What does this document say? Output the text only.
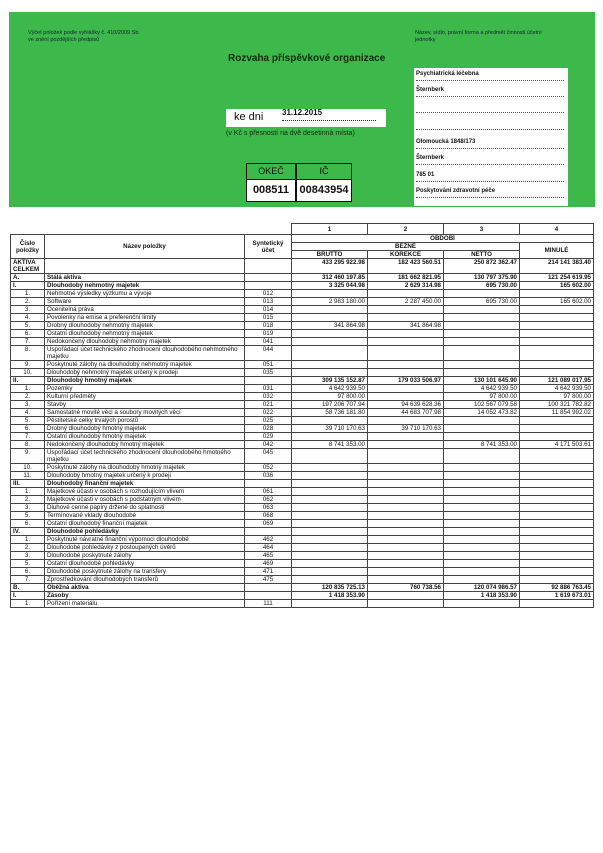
Výčet položek podle vyhlášky č. 410/2009 Sb. ve znění pozdějších předpisů
Rozvaha příspěvkové organizace
Název, sídlo, právní forma a předmět činnosti účetní jednotky
Psychiatrická léčebna
Šternberk
Olomoucká 1848/173
Šternberk
785 01
Poskytování zdravotní péče
ke dni 31.12.2015
(v Kč s přesností na dvě desetinná místa)
OKEČ	IČ
008511 00843954
			1	2	3	4
Číslo položky	Název položky	Syntetický účet	OBDOBÍ			
			BĚŽNÉ			MINULÉ
			BRUTTO	KOREKCE	NETTO	
AKTIVA CELKEM			433 295 922.98	182 423 560.51	250 872 362.47	214 141 383.40
A.	Stálá aktiva		312 460 197.85	181 662 821.95	130 797 375.90	121 254 619.95
I.	Dlouhodobý nehmotný majetek		3 325 044.98	2 629 314.98	695 730.00	165 602.00
1.	Nehmotné výsledky výzkumu a vývoje	012				
2.	Software	013	2 983 180.00	2 287 450.00	695 730.00	165 602.00
3.	Ocenitelná práva	014				
4.	Povolenky na emise a preferenční limity	015				
5.	Drobný dlouhodobý nehmotný majetek	018	341 864.98	341 864.98		
6.	Ostatní dlouhodobý nehmotný majetek	019				
7.	Nedokončený dlouhodobý nehmotný majetek	041				
8.	Uspořádací účet technického zhodnocení dlouhodobého nehmotného majetku	044				
9.	Poskytnuté zálohy na dlouhodobý nehmotný majetek	051				
10.	Dlouhodobý nehmotný majetek určený k prodeji	035				
II.	Dlouhodobý hmotný majetek		309 135 152.87	179 033 506.97	130 101 645.90	121 089 017.95
1.	Pozemky	031	4 642 939.50		4 642 939.50	4 642 939.50
2.	Kulturní předměty	032	97 800.00		97 800.00	97 800.00
3.	Stavby	021	197 206 707.94	94 639 628.36	102 567 079.58	100 321 782.82
4.	Samostatné movité věci a soubory movitých věcí	022	58 736 181.80	44 683 707.98	14 052 473.82	11 854 992.02
5.	Pěstitelské celky trvalých porostů	025				
6.	Drobný dlouhodobý hmotný majetek	028	39 710 170.63	39 710 170.63		
7.	Ostatní dlouhodobý hmotný majetek	029				
8.	Nedokončený dlouhodobý hmotný majetek	042	8 741 353.00		8 741 353.00	4 171 503.61
9.	Uspořádací účet technického zhodnocení dlouhodobého hmotného majetku	045				
10.	Poskytnuté zálohy na dlouhodobý hmotný majetek	052				
11.	Dlouhodobý hmotný majetek určený k prodeji	036				
III.	Dlouhodobý finanční majetek					
1.	Majetkové účasti v osobách s rozhodujícím vlivem	061				
2.	Majetkové účasti v osobách s podstatným vlivem	062				
3.	Dluhové cenné papíry držené do splatnosti	063				
5.	Termínované vklady dlouhodobé	068				
6.	Ostatní dlouhodobý finanční majetek	069				
IV.	Dlouhodobé pohledávky					
1.	Poskytnuté návratné finanční výpomoci dlouhodobé	462				
2.	Dlouhodobé pohledávky z postoupených úvěrů	464				
3.	Dlouhodobé poskytnuté zálohy	465				
5.	Ostatní dlouhodobé pohledávky	469				
6.	Dlouhodobé poskytnuté zálohy na transfery	471				
7.	Zprostředkování dlouhodobých transferů	475				
B.	Oběžná aktiva		120 835 725.13	760 738.56	120 074 986.57	92 886 763.45
I.	Zásoby		1 418 353.90		1 418 353.90	1 619 673.01
1.	Pořízení materiálu	111				
